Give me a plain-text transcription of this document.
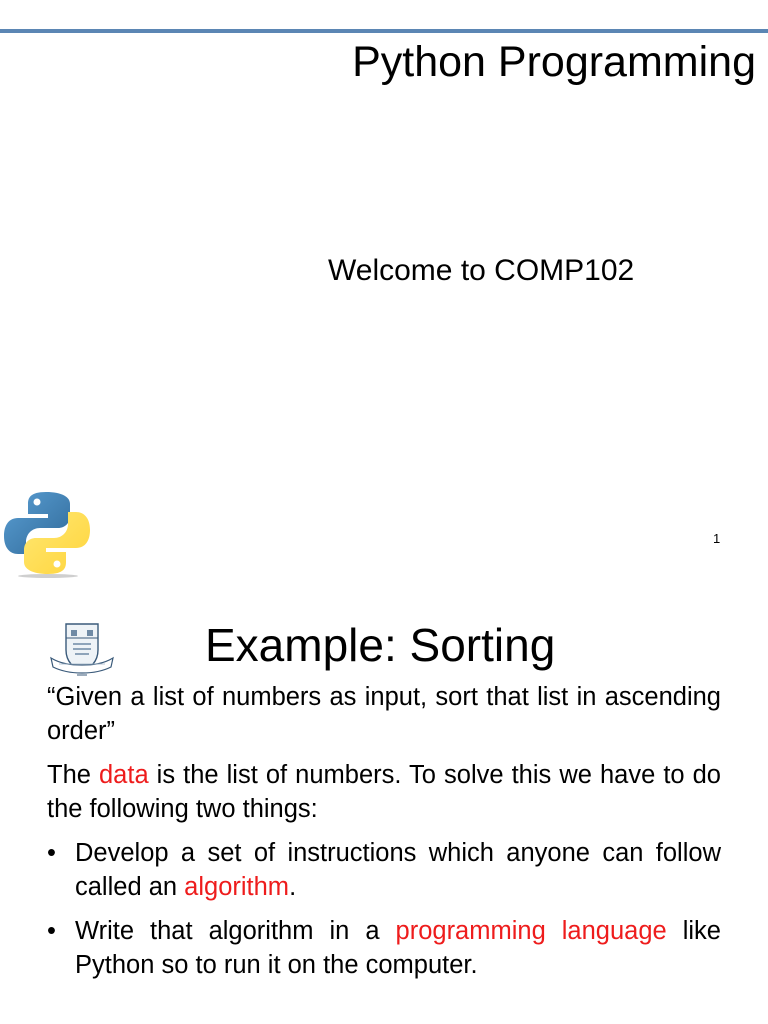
Python Programming
Welcome to COMP102
1
Example: Sorting

“Given a list of numbers as input, sort that list in ascending order”

The data is the list of numbers. To solve this we have to do the following two things:

• Develop a set of instructions which anyone can follow called an algorithm.
• Write that algorithm in a programming language like Python so to run it on the computer.
